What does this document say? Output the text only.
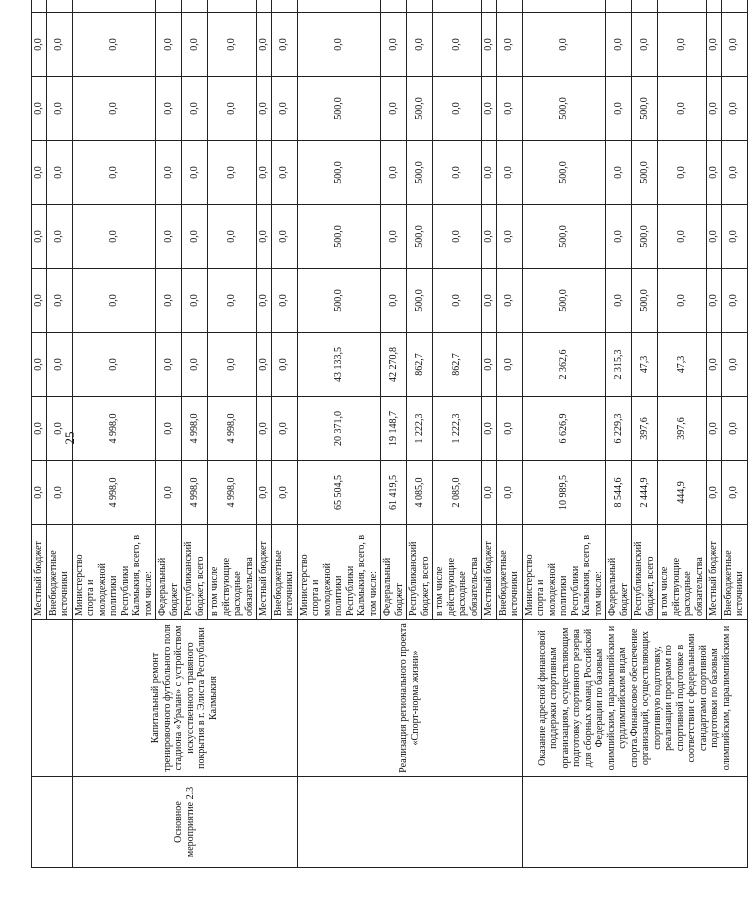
25
		Местный бюджет	0,0	0,0	0,0	0,0	0,0	0,0	0,0	0,0	
		Внебюджетные источники	0,0	0,0	0,0	0,0	0,0	0,0	0,0	0,0	
Основное мероприятие 2.3	Капитальный ремонт тренировочного футбольного поля стадиона «Уралан» с устройством искусственного травяного покрытия в г. Элиста Республики Калмыкия	Министерство спорта и молодежной политики Республики Калмыкия, всего, в том числе:	4 998,0	4 998,0	0,0	0,0	0,0	0,0	0,0	0,0	
		Федеральный бюджет	0,0	0,0	0,0	0,0	0,0	0,0	0,0	0,0	
		Республиканский бюджет, всего	4 998,0	4 998,0	0,0	0,0	0,0	0,0	0,0	0,0	
		в том числе действующие расходные обязательства	4 998,0	4 998,0	0,0	0,0	0,0	0,0	0,0	0,0	
		Местный бюджет	0,0	0,0	0,0	0,0	0,0	0,0	0,0	0,0	
		Внебюджетные источники	0,0	0,0	0,0	0,0	0,0	0,0	0,0	0,0	
	Реализация регионального проекта «Спорт-норма жизни»	Министерство спорта и молодежной политики Республики Калмыкия, всего, в том числе:	65 504,5	20 371,0	43 133,5	500,0	500,0	500,0	500,0	0,0	
		Федеральный бюджет	61 419,5	19 148,7	42 270,8	0,0	0,0	0,0	0,0	0,0	
		Республиканский бюджет, всего	4 085,0	1 222,3	862,7	500,0	500,0	500,0	500,0	0,0	
		в том числе действующие расходные обязательства	2 085,0	1 222,3	862,7	0,0	0,0	0,0	0,0	0,0	
		Местный бюджет	0,0	0,0	0,0	0,0	0,0	0,0	0,0	0,0	
		Внебюджетные источники	0,0	0,0	0,0	0,0	0,0	0,0	0,0	0,0	
	Оказание адресной финансовой поддержки спортивным организациям, осуществляющим подготовку спортивного резерва для сборных команд Российской Федерации по базовым олимпийским, паралимпийским и сурдлимпийским видам спорта.Финансовое обеспечение организаций, осуществляющих спортивную подготовку, реализации программ по спортивной подготовке в соответствии с федеральными стандартами спортивной подготовки по базовым олимпийским, паралимпийским и	Министерство спорта и молодежной политики Республики Калмыкия, всего, в том числе:	10 989,5	6 626,9	2 362,6	500,0	500,0	500,0	500,0	0,0	
		Федеральный бюджет	8 544,6	6 229,3	2 315,3	0,0	0,0	0,0	0,0	0,0	
		Республиканский бюджет, всего	2 444,9	397,6	47,3	500,0	500,0	500,0	500,0	0,0	
		в том числе действующие расходные обязательства	444,9	397,6	47,3	0,0	0,0	0,0	0,0	0,0	
		Местный бюджет	0,0	0,0	0,0	0,0	0,0	0,0	0,0	0,0	
		Внебюджетные источники	0,0	0,0	0,0	0,0	0,0	0,0	0,0	0,0	
